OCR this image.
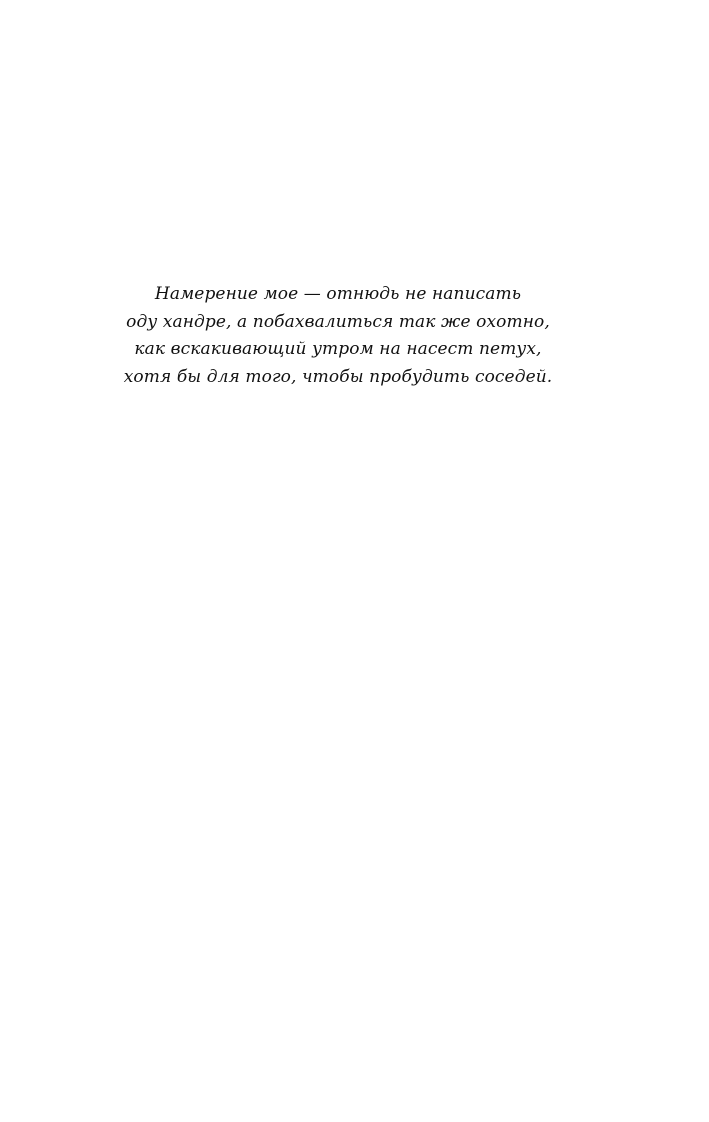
Намерение мое — отнюдь не написать
оду хандре, а побахвалиться так же охотно,
как вскакивающий утром на насест петух,
хотя бы для того, чтобы пробудить соседей.
